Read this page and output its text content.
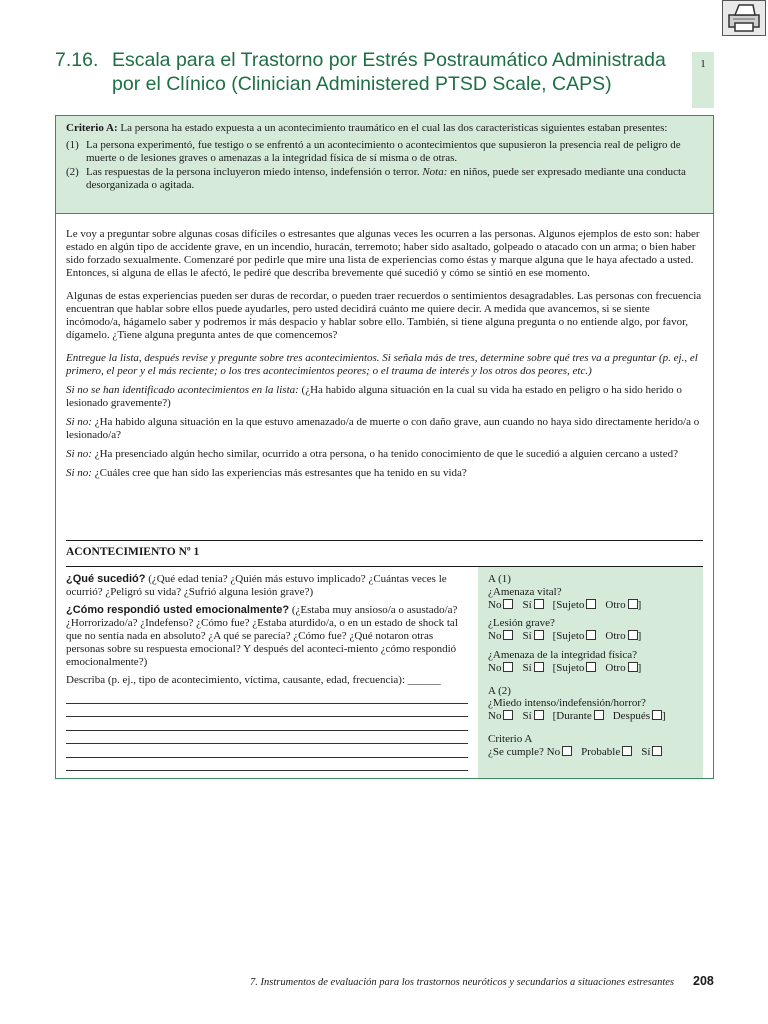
7.16. Escala para el Trastorno por Estrés Postraumático Administrada
por el Clínico (Clinician Administered PTSD Scale, CAPS)
1

Criterio A: La persona ha estado expuesta a un acontecimiento traumático en el cual las dos características siguientes estaban presentes:

(1) La persona experimentó, fue testigo o se enfrentó a un acontecimiento o acontecimientos que supusieron la presencia real de peligro de muerte o de lesiones graves o amenazas a la integridad física de sí misma o de otras.
(2) Las respuestas de la persona incluyeron miedo intenso, indefensión o terror. Nota: en niños, puede ser expresado mediante una conducta desorganizada o agitada.

Le voy a preguntar sobre algunas cosas difíciles o estresantes que algunas veces les ocurren a las personas. Algunos ejemplos de esto son: haber estado en algún tipo de accidente grave, en un incendio, huracán, terremoto; haber sido asaltado, golpeado o atacado con un arma; o bien haber sido forzado sexualmente. Comenzaré por pedirle que mire una lista de experiencias como éstas y marque alguna que le haya afectado a usted. Entonces, si alguna de ellas le afectó, le pediré que describa brevemente qué sucedió y cómo se sintió en ese momento.

Algunas de estas experiencias pueden ser duras de recordar, o pueden traer recuerdos o sentimientos desagradables. Las personas con frecuencia encuentran que hablar sobre ellos puede ayudarles, pero usted decidirá cuánto me quiere decir. A medida que avancemos, si se siente incómodo/a, hágamelo saber y podremos ir más despacio y hablar sobre ello. También, si tiene alguna pregunta o no entiende algo, por favor, dígamelo. ¿Tiene alguna pregunta antes de que comencemos?

Entregue la lista, después revise y pregunte sobre tres acontecimientos. Si señala más de tres, determine sobre qué tres va a preguntar (p. ej., el primero, el peor y el más reciente; o los tres acontecimientos peores; o el trauma de interés y los otros dos peores, etc.)

Si no se han identificado acontecimientos en la lista: (¿Ha habido alguna situación en la cual su vida ha estado en peligro o ha sido herido o lesionado gravemente?)

Si no: ¿Ha habido alguna situación en la que estuvo amenazado/a de muerte o con daño grave, aun cuando no haya sido directamente herido/a o lesionado/a?

Si no: ¿Ha presenciado algún hecho similar, ocurrido a otra persona, o ha tenido conocimiento de que le sucedió a alguien cercano a usted?

Si no: ¿Cuáles cree que han sido las experiencias más estresantes que ha tenido en su vida?

ACONTECIMIENTO Nº 1

¿Qué sucedió? (¿Qué edad tenía? ¿Quién más estuvo implicado? ¿Cuántas veces le ocurrió? ¿Peligró su vida? ¿Sufrió alguna lesión grave?)

¿Cómo respondió usted emocionalmente? (¿Estaba muy ansioso/a o asustado/a? ¿Horrorizado/a? ¿Indefenso? ¿Cómo fue? ¿Estaba aturdido/a, o en un estado de shock tal que no sentía nada en absoluto? ¿A qué se parecía? ¿Cómo fue? ¿Qué notaron otras personas sobre su respuesta emocional? Y después del aconteci-miento ¿cómo respondió emocionalmente?)

Describa (p. ej., tipo de acontecimiento, víctima, causante, edad, frecuencia): ______

A (1)
¿Amenaza vital?
No Sí [Sujeto Otro ]
¿Lesión grave?
No Sí [Sujeto Otro ]
¿Amenaza de la integridad física?
No Sí [Sujeto Otro ]
A (2)
¿Miedo intenso/indefensión/horror?
No Sí [Durante Después ]
Criterio A
¿Se cumple? No Probable Sí
7. Instrumentos de evaluación para los trastornos neuróticos y secundarios a situaciones estresantes	208
